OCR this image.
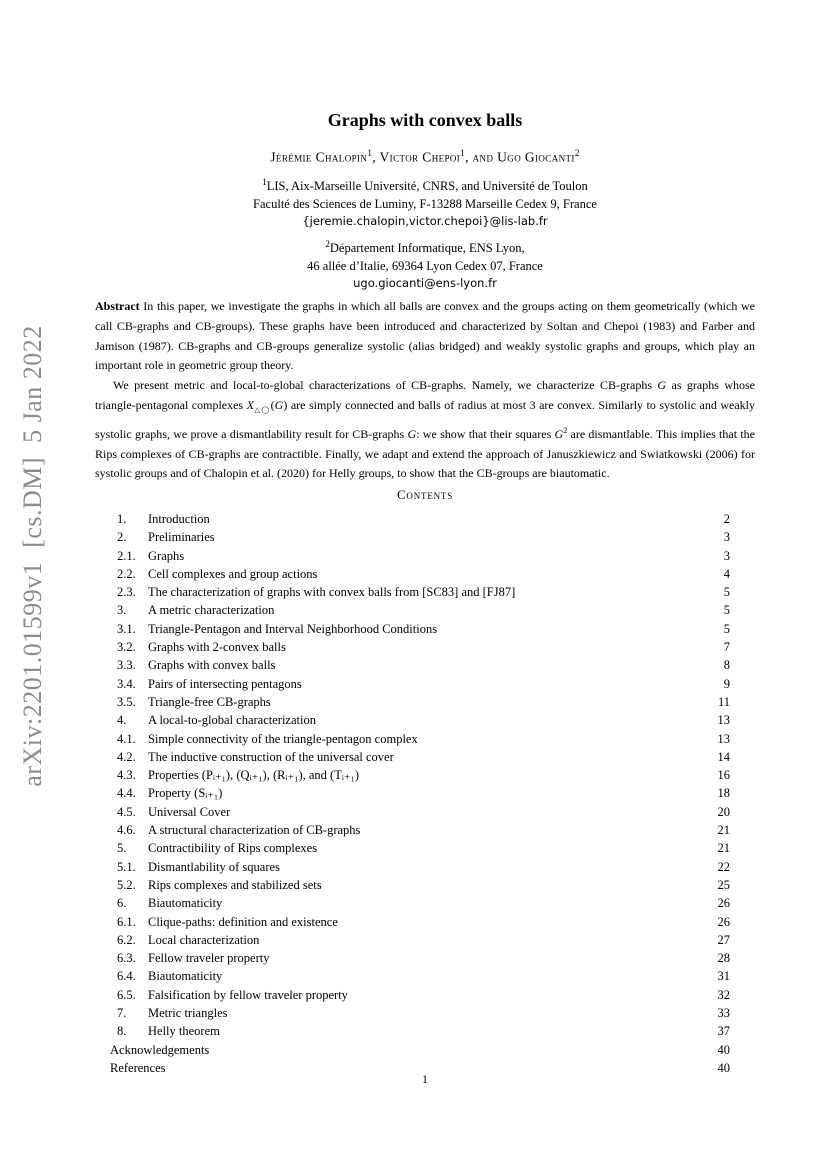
arXiv:2201.01599v1  [cs.DM]  5 Jan 2022
Graphs with convex balls
Jérémie Chalopin$^1$, Victor Chepoi$^1$, and Ugo Giocanti$^2$
$^1$LIS, Aix-Marseille Université, CNRS, and Université de Toulon
Faculté des Sciences de Luminy, F-13288 Marseille Cedex 9, France
{jeremie.chalopin,victor.chepoi}@lis-lab.fr
$^2$Département Informatique, ENS Lyon,
46 allée d’Italie, 69364 Lyon Cedex 07, France
ugo.giocanti@ens-lyon.fr

Abstract In this paper, we investigate the graphs in which all balls are convex and the groups acting on them geometrically (which we call CB-graphs and CB-groups). These graphs have been introduced and characterized by Soltan and Chepoi (1983) and Farber and Jamison (1987). CB-graphs and CB-groups generalize systolic (alias bridged) and weakly systolic graphs and groups, which play an important role in geometric group theory.

We present metric and local-to-global characterizations of CB-graphs. Namely, we characterize CB-graphs G as graphs whose triangle-pentagonal complexes $X_{\triangle◯}(G)$ are simply connected and balls of radius at most 3 are convex. Similarly to systolic and weakly systolic graphs, we prove a dismantlability result for CB-graphs G: we show that their squares $G^2$ are dismantlable. This implies that the Rips complexes of CB-graphs are contractible. Finally, we adapt and extend the approach of Januszkiewicz and Swiatkowski (2006) for systolic groups and of Chalopin et al. (2020) for Helly groups, to show that the CB-groups are biautomatic.

Contents
1.	Introduction	2
2.	Preliminaries	3
2.1. Graphs	3
2.2. Cell complexes and group actions	4
2.3. The characterization of graphs with convex balls from [SC83] and [FJ87]	5
3.	A metric characterization	5
3.1. Triangle-Pentagon and Interval Neighborhood Conditions	5
3.2. Graphs with 2-convex balls	7
3.3. Graphs with convex balls	8
3.4. Pairs of intersecting pentagons	9
3.5. Triangle-free CB-graphs	11
4.	A local-to-global characterization	13
4.1. Simple connectivity of the triangle-pentagon complex	13
4.2. The inductive construction of the universal cover	14
4.3. Properties (Pᵢ₊₁), (Qᵢ₊₁), (Rᵢ₊₁), and (Tᵢ₊₁)	16
4.4. Property (Sᵢ₊₁)	18
4.5. Universal Cover	20
4.6. A structural characterization of CB-graphs	21
5.	Contractibility of Rips complexes	21
5.1. Dismantlability of squares	22
5.2. Rips complexes and stabilized sets	25
6.	Biautomaticity	26
6.1. Clique-paths: definition and existence	26
6.2. Local characterization	27
6.3. Fellow traveler property	28
6.4. Biautomaticity	31
6.5. Falsification by fellow traveler property	32
7.	Metric triangles	33
8.	Helly theorem	37
Acknowledgements	40
References	40
1
